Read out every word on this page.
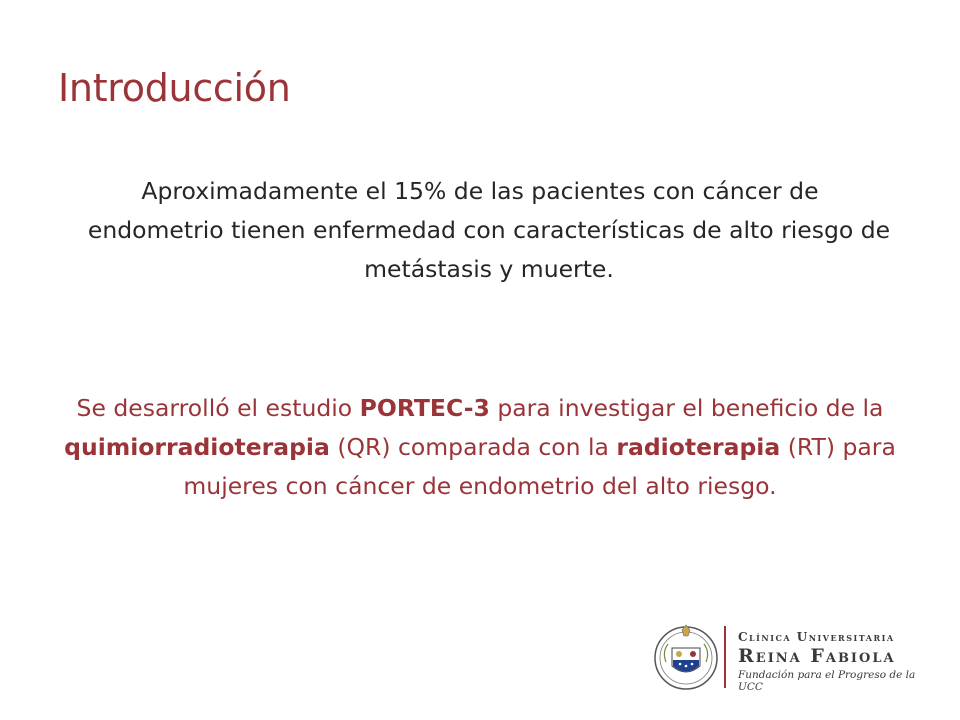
Introducción

Aproximadamente el 15% de las pacientes con cáncer de
endometrio tienen enfermedad con características de alto riesgo de metástasis y muerte.

Se desarrolló el estudio PORTEC-3 para investigar el beneficio de la quimiorradioterapia (QR) comparada con la radioterapia (RT) para mujeres con cáncer de endometrio del alto riesgo.

Clínica Universitaria
Reina Fabiola
Fundación para el Progreso de la UCC
